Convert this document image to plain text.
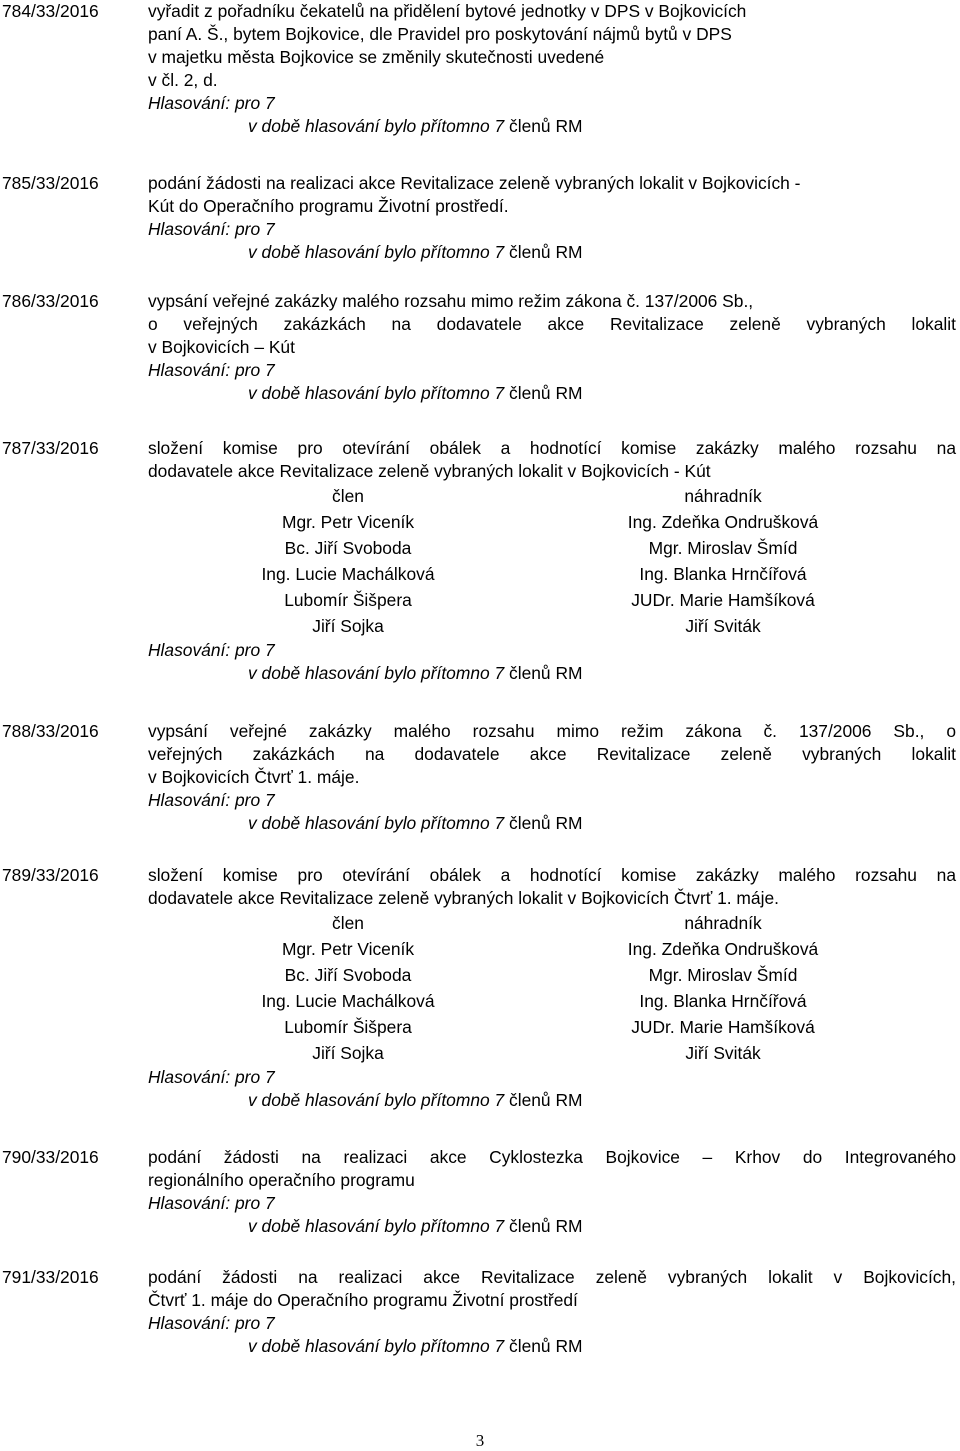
784/33/2016	vyřadit z pořadníku čekatelů na přidělení bytové jednotky v DPS v Bojkovicích
paní A. Š., bytem Bojkovice, dle Pravidel pro poskytování nájmů bytů v DPS
v majetku města Bojkovice se změnily skutečnosti uvedené
v čl. 2, d.
Hlasování: pro 7
v době hlasování bylo přítomno 7 členů RM
785/33/2016	podání žádosti na realizaci akce Revitalizace zeleně vybraných lokalit v Bojkovicích -
Kút do Operačního programu Životní prostředí.
Hlasování: pro 7
v době hlasování bylo přítomno 7 členů RM
786/33/2016	vypsání veřejné zakázky malého rozsahu mimo režim zákona č. 137/2006 Sb.,
o veřejných zakázkách na dodavatele akce Revitalizace zeleně vybraných lokalit
v Bojkovicích – Kút
Hlasování: pro 7
v době hlasování bylo přítomno 7 členů RM
787/33/2016	složení komise pro otevírání obálek a hodnotící komise zakázky malého rozsahu na
dodavatele akce Revitalizace zeleně vybraných lokalit v Bojkovicích - Kút
člen	náhradník
Mgr. Petr Viceník	Ing. Zdeňka Ondrušková
Bc. Jiří Svoboda	Mgr. Miroslav Šmíd
Ing. Lucie Machálková	Ing. Blanka Hrnčířová
Lubomír Šišpera	JUDr. Marie Hamšíková
Jiří Sojka	Jiří Sviták
Hlasování: pro 7
v době hlasování bylo přítomno 7 členů RM
788/33/2016	vypsání veřejné zakázky malého rozsahu mimo režim zákona č. 137/2006 Sb., o
veřejných zakázkách na dodavatele akce Revitalizace zeleně vybraných lokalit
v Bojkovicích Čtvrť 1. máje.
Hlasování: pro 7
v době hlasování bylo přítomno 7 členů RM
789/33/2016	složení komise pro otevírání obálek a hodnotící komise zakázky malého rozsahu na
dodavatele akce Revitalizace zeleně vybraných lokalit v Bojkovicích Čtvrť 1. máje.
člen	náhradník
Mgr. Petr Viceník	Ing. Zdeňka Ondrušková
Bc. Jiří Svoboda	Mgr. Miroslav Šmíd
Ing. Lucie Machálková	Ing. Blanka Hrnčířová
Lubomír Šišpera	JUDr. Marie Hamšíková
Jiří Sojka	Jiří Sviták
Hlasování: pro 7
v době hlasování bylo přítomno 7 členů RM
790/33/2016	podání žádosti na realizaci akce Cyklostezka Bojkovice – Krhov do Integrovaného
regionálního operačního programu
Hlasování: pro 7
v době hlasování bylo přítomno 7 členů RM
791/33/2016	podání žádosti na realizaci akce Revitalizace zeleně vybraných lokalit v Bojkovicích,
Čtvrť 1. máje do Operačního programu Životní prostředí
Hlasování: pro 7
v době hlasování bylo přítomno 7 členů RM
3
